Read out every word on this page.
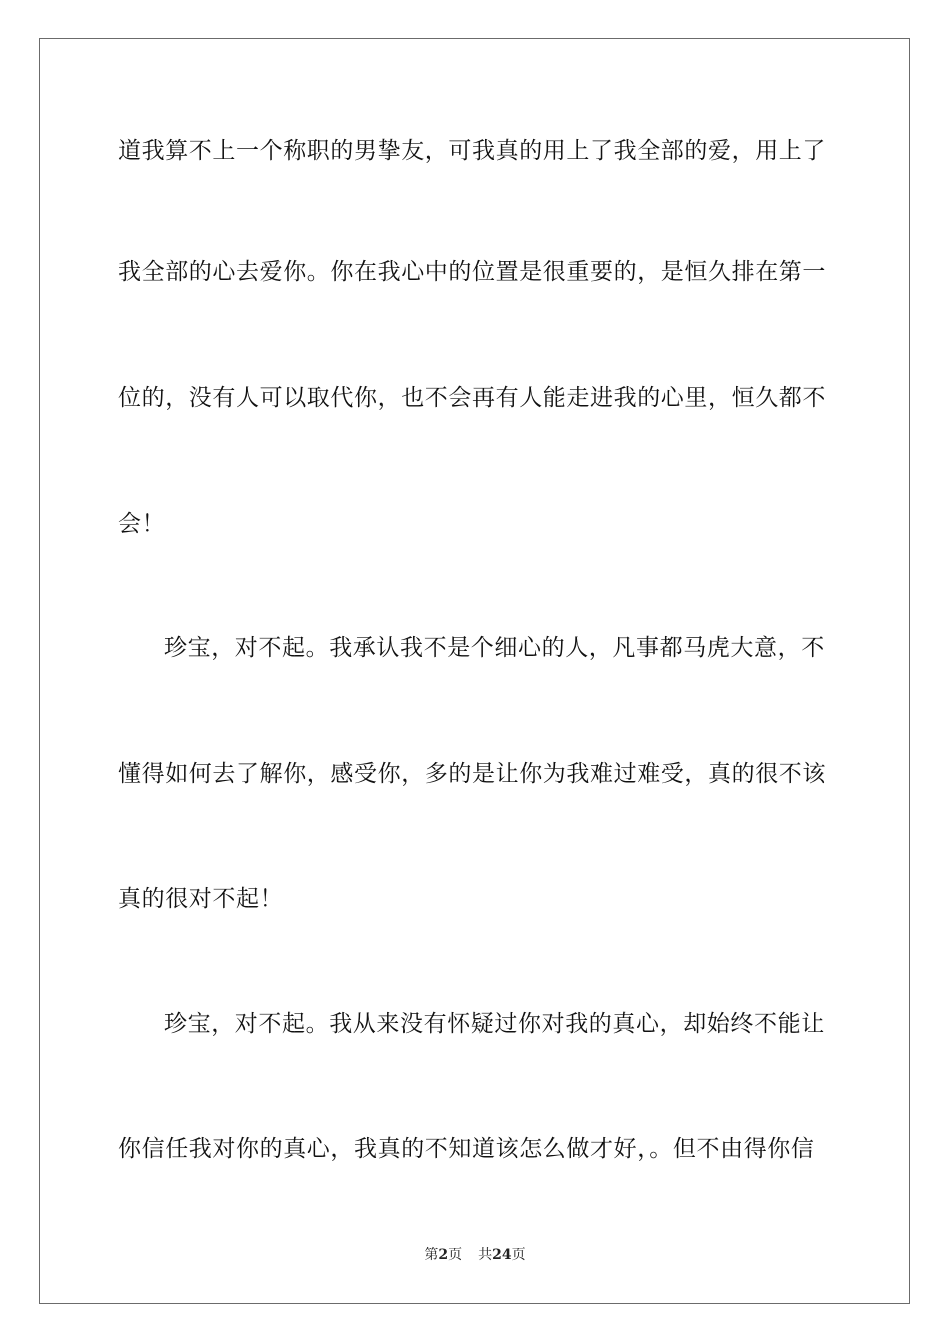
道我算不上一个称职的男挚友，可我真的用上了我全部的爱，用上了
我全部的心去爱你。你在我心中的位置是很重要的，是恒久排在第一
位的，没有人可以取代你，也不会再有人能走进我的心里，恒久都不
会！
珍宝，对不起。我承认我不是个细心的人，凡事都马虎大意，不
懂得如何去了解你，感受你，多的是让你为我难过难受，真的很不该
真的很对不起！
珍宝，对不起。我从来没有怀疑过你对我的真心，却始终不能让
你信任我对你的真心，我真的不知道该怎么做才好，。但不由得你信
第2页 共24页
